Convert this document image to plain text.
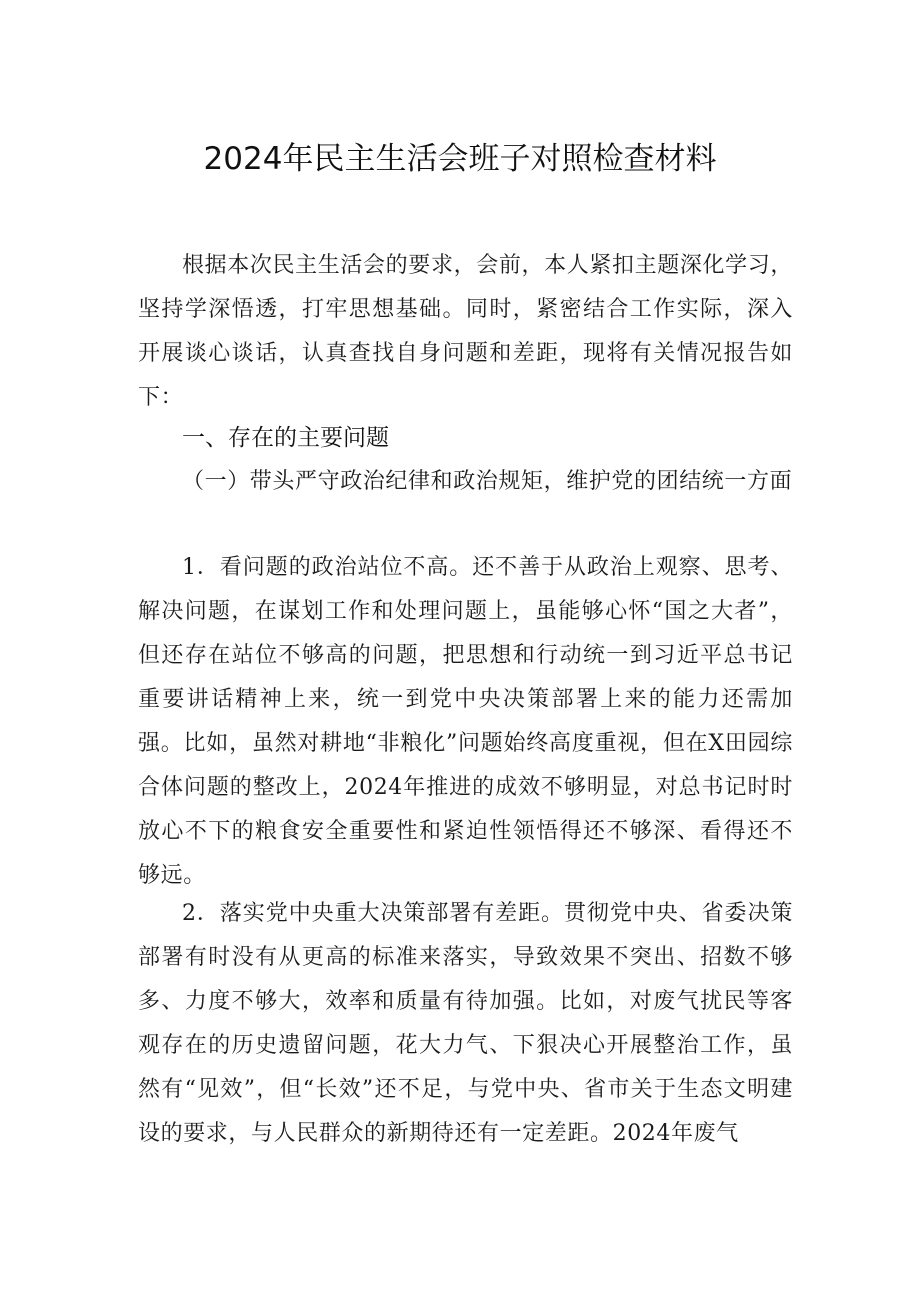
2024年民主生活会班子对照检查材料

根据本次民主生活会的要求，会前，本人紧扣主题深化学习，坚持学深悟透，打牢思想基础。同时，紧密结合工作实际，深入开展谈心谈话，认真查找自身问题和差距，现将有关情况报告如下：

一、存在的主要问题

（一）带头严守政治纪律和政治规矩，维护党的团结统一方面

1．看问题的政治站位不高。还不善于从政治上观察、思考、解决问题，在谋划工作和处理问题上，虽能够心怀“国之大者”，但还存在站位不够高的问题，把思想和行动统一到习近平总书记重要讲话精神上来，统一到党中央决策部署上来的能力还需加强。比如，虽然对耕地“非粮化”问题始终高度重视，但在X田园综合体问题的整改上，2024年推进的成效不够明显，对总书记时时放心不下的粮食安全重要性和紧迫性领悟得还不够深、看得还不够远。

2．落实党中央重大决策部署有差距。贯彻党中央、省委决策部署有时没有从更高的标准来落实，导致效果不突出、招数不够多、力度不够大，效率和质量有待加强。比如，对废气扰民等客观存在的历史遗留问题，花大力气、下狠决心开展整治工作，虽然有“见效”，但“长效”还不足，与党中央、省市关于生态文明建设的要求，与人民群众的新期待还有一定差距。2024年废气
